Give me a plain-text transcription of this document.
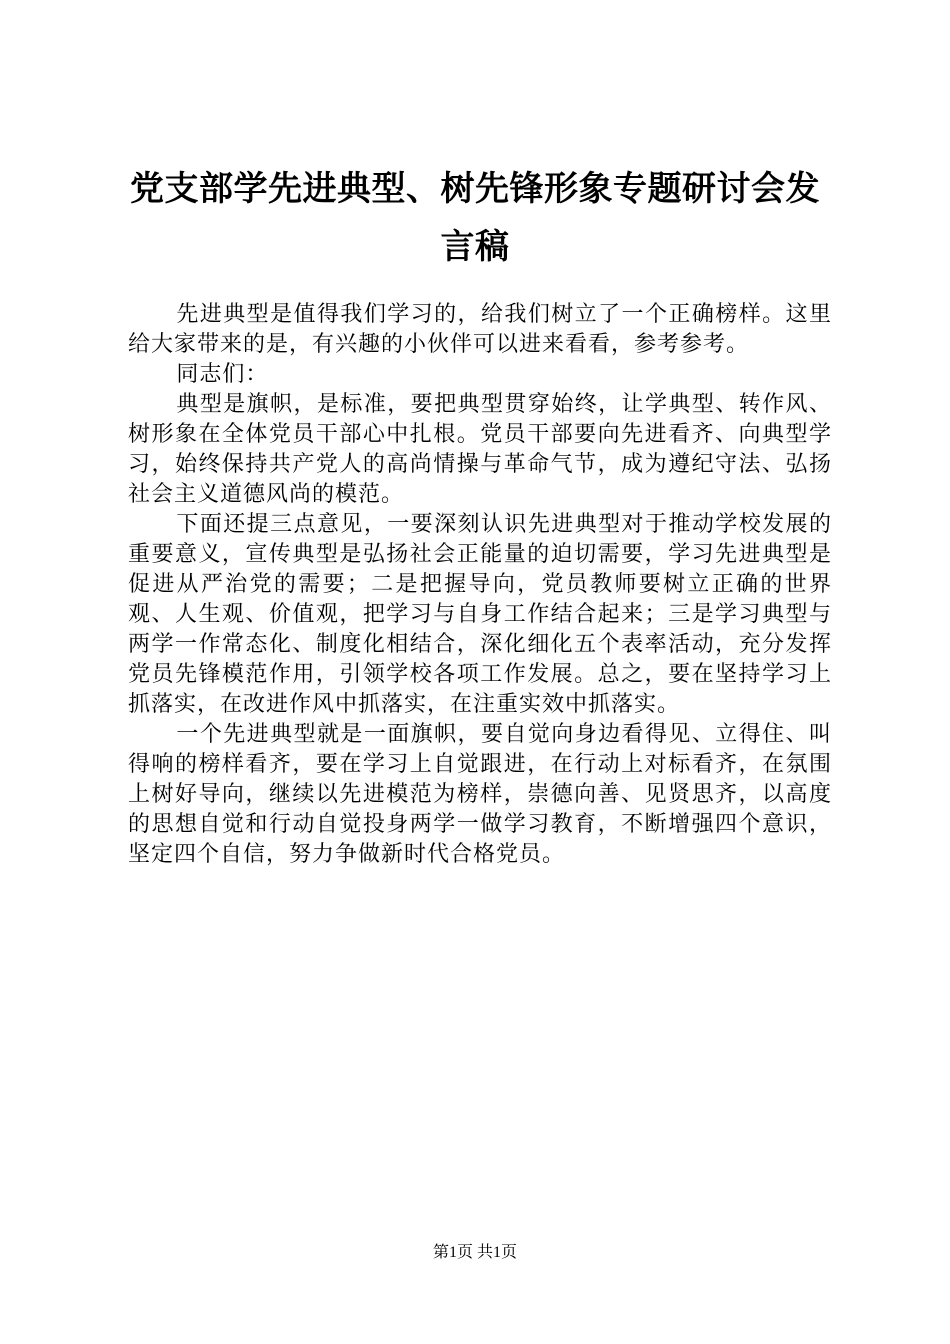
党支部学先进典型、树先锋形象专题研讨会发言稿

先进典型是值得我们学习的，给我们树立了一个正确榜样。这里给大家带来的是，有兴趣的小伙伴可以进来看看，参考参考。

同志们：

典型是旗帜，是标准，要把典型贯穿始终，让学典型、转作风、树形象在全体党员干部心中扎根。党员干部要向先进看齐、向典型学习，始终保持共产党人的高尚情操与革命气节，成为遵纪守法、弘扬社会主义道德风尚的模范。

下面还提三点意见，一要深刻认识先进典型对于推动学校发展的重要意义，宣传典型是弘扬社会正能量的迫切需要，学习先进典型是促进从严治党的需要；二是把握导向，党员教师要树立正确的世界观、人生观、价值观，把学习与自身工作结合起来；三是学习典型与两学一作常态化、制度化相结合，深化细化五个表率活动，充分发挥党员先锋模范作用，引领学校各项工作发展。总之，要在坚持学习上抓落实，在改进作风中抓落实，在注重实效中抓落实。

一个先进典型就是一面旗帜，要自觉向身边看得见、立得住、叫得响的榜样看齐，要在学习上自觉跟进，在行动上对标看齐，在氛围上树好导向，继续以先进模范为榜样，崇德向善、见贤思齐，以高度的思想自觉和行动自觉投身两学一做学习教育，不断增强四个意识，坚定四个自信，努力争做新时代合格党员。

第1页 共1页
